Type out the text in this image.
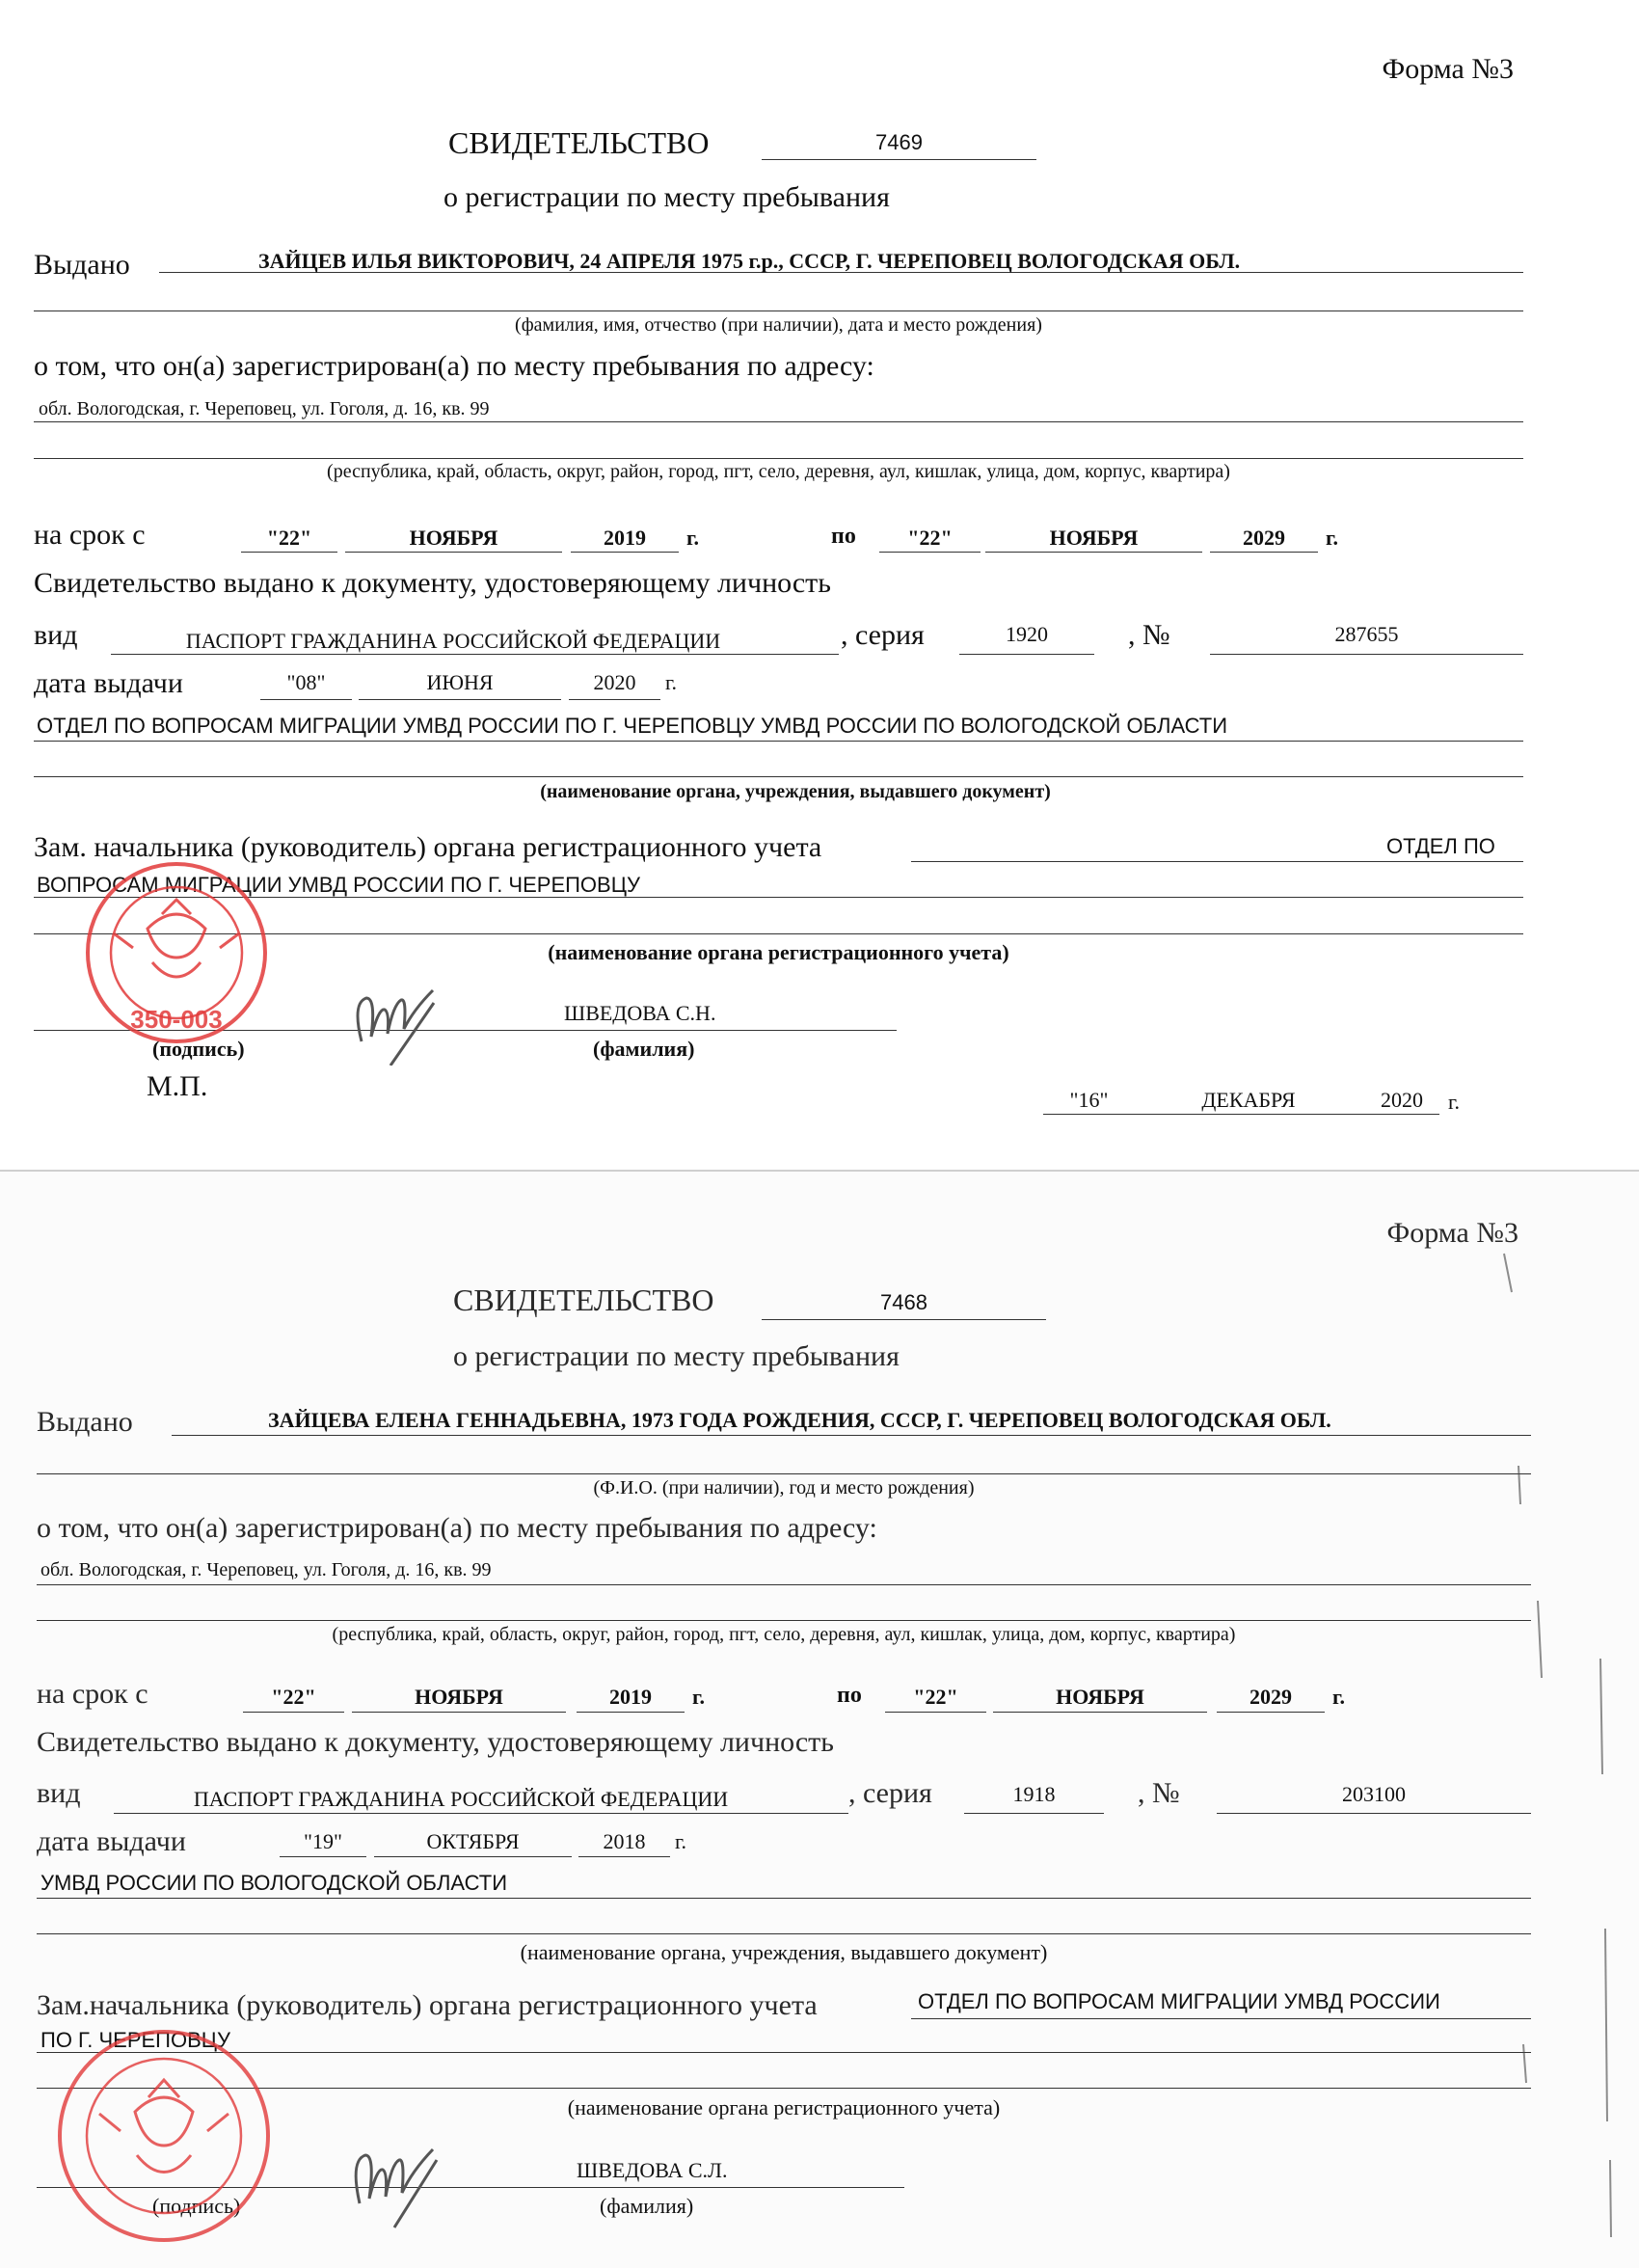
Форма №3
СВИДЕТЕЛЬСТВО	7469
о регистрации по месту пребывания
Выдано	ЗАЙЦЕВ ИЛЬЯ ВИКТОРОВИЧ, 24 АПРЕЛЯ 1975 г.р., СССР, Г. ЧЕРЕПОВЕЦ ВОЛОГОДСКАЯ ОБЛ.
(фамилия, имя, отчество (при наличии), дата и место рождения)
о том, что он(а) зарегистрирован(а) по месту пребывания по адресу:
обл. Вологодская, г. Череповец, ул. Гоголя, д. 16, кв. 99
(республика, край, область, округ, район, город, пгт, село, деревня, аул, кишлак, улица, дом, корпус, квартира)
на срок с	"22"	НОЯБРЯ	2019	г.	по	"22"	НОЯБРЯ	2029	г.
Свидетельство выдано к документу, удостоверяющему личность
вид	ПАСПОРТ ГРАЖДАНИНА РОССИЙСКОЙ ФЕДЕРАЦИИ	, серия	1920	, №	287655
дата выдачи	"08"	ИЮНЯ	2020	г.
ОТДЕЛ ПО ВОПРОСАМ МИГРАЦИИ УМВД РОССИИ ПО Г. ЧЕРЕПОВЦУ УМВД РОССИИ ПО ВОЛОГОДСКОЙ ОБЛАСТИ
(наименование органа, учреждения, выдавшего документ)
Зам. начальника (руководитель) органа регистрационного учета	ОТДЕЛ ПО
ВОПРОСАМ МИГРАЦИИ УМВД РОССИИ ПО Г. ЧЕРЕПОВЦУ
(наименование органа регистрационного учета)
ШВЕДОВА С.Н.
(подпись)	(фамилия)
М.П.	"16"	ДЕКАБРЯ	2020	г.
350-003
Форма №3
СВИДЕТЕЛЬСТВО	7468
о регистрации по месту пребывания
Выдано	ЗАЙЦЕВА ЕЛЕНА ГЕННАДЬЕВНА, 1973 ГОДА РОЖДЕНИЯ, СССР, Г. ЧЕРЕПОВЕЦ ВОЛОГОДСКАЯ ОБЛ.
(Ф.И.О. (при наличии), год и место рождения)
о том, что он(а) зарегистрирован(а) по месту пребывания по адресу:
обл. Вологодская, г. Череповец, ул. Гоголя, д. 16, кв. 99
(республика, край, область, округ, район, город, пгт, село, деревня, аул, кишлак, улица, дом, корпус, квартира)
на срок с	"22"	НОЯБРЯ	2019	г.	по	"22"	НОЯБРЯ	2029	г.
Свидетельство выдано к документу, удостоверяющему личность
вид	ПАСПОРТ ГРАЖДАНИНА РОССИЙСКОЙ ФЕДЕРАЦИИ	, серия	1918	, №	203100
дата выдачи	"19"	ОКТЯБРЯ	2018	г.
УМВД РОССИИ ПО ВОЛОГОДСКОЙ ОБЛАСТИ
(наименование органа, учреждения, выдавшего документ)
Зам.начальника (руководитель) органа регистрационного учета	ОТДЕЛ ПО ВОПРОСАМ МИГРАЦИИ УМВД РОССИИ
ПО Г. ЧЕРЕПОВЦУ
(наименование органа регистрационного учета)
ШВЕДОВА С.Л.
(подпись)	(фамилия)
